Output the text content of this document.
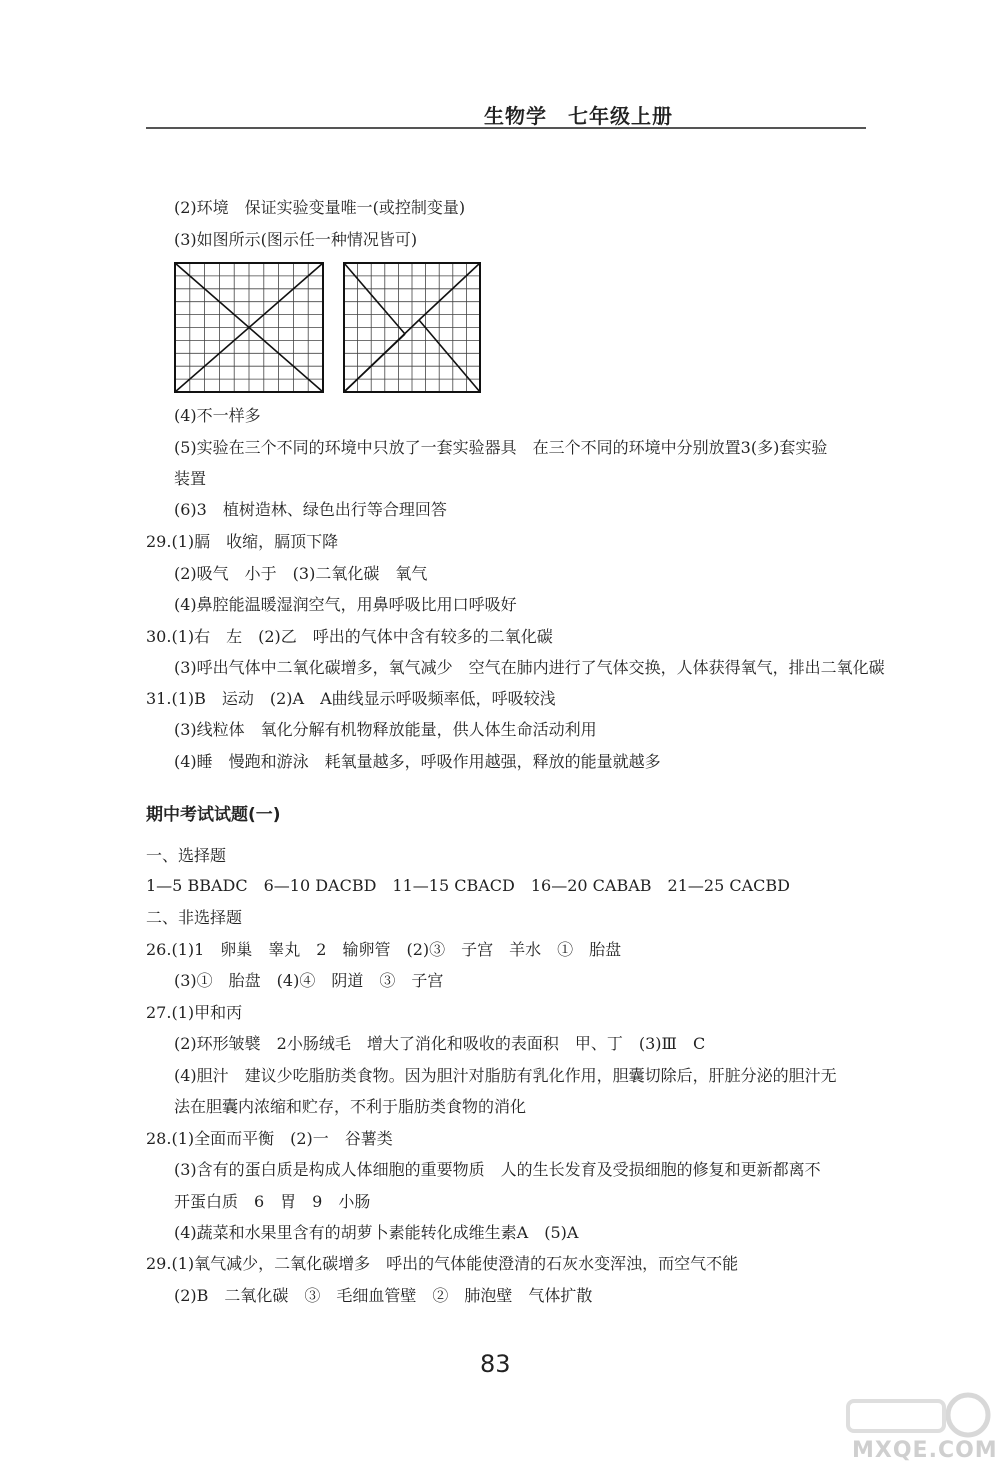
生物学　七年级上册
(2)环境　保证实验变量唯一(或控制变量)
(3)如图所示(图示任一种情况皆可)
(4)不一样多
(5)实验在三个不同的环境中只放了一套实验器具　在三个不同的环境中分别放置3(多)套实验
装置
(6)3　植树造林、绿色出行等合理回答
29.(1)膈　收缩，膈顶下降
(2)吸气　小于　(3)二氧化碳　氧气
(4)鼻腔能温暖湿润空气，用鼻呼吸比用口呼吸好
30.(1)右　左　(2)乙　呼出的气体中含有较多的二氧化碳
(3)呼出气体中二氧化碳增多，氧气减少　空气在肺内进行了气体交换，人体获得氧气，排出二氧化碳
31.(1)B　运动　(2)A　A曲线显示呼吸频率低，呼吸较浅
(3)线粒体　氧化分解有机物释放能量，供人体生命活动利用
(4)睡　慢跑和游泳　耗氧量越多，呼吸作用越强，释放的能量就越多
期中考试试题(一)
一、选择题
1—5 BBADC　6—10 DACBD　11—15 CBACD　16—20 CABAB　21—25 CACBD
二、非选择题
26.(1)1　卵巢　睾丸　2　输卵管　(2)③　子宫　羊水　①　胎盘
(3)①　胎盘　(4)④　阴道　③　子宫
27.(1)甲和丙
(2)环形皱襞　2小肠绒毛　增大了消化和吸收的表面积　甲、丁　(3)Ⅲ　C
(4)胆汁　建议少吃脂肪类食物。因为胆汁对脂肪有乳化作用，胆囊切除后，肝脏分泌的胆汁无
法在胆囊内浓缩和贮存，不利于脂肪类食物的消化
28.(1)全面而平衡　(2)一　谷薯类
(3)含有的蛋白质是构成人体细胞的重要物质　人的生长发育及受损细胞的修复和更新都离不
开蛋白质　6　胃　9　小肠
(4)蔬菜和水果里含有的胡萝卜素能转化成维生素A　(5)A
29.(1)氧气减少，二氧化碳增多　呼出的气体能使澄清的石灰水变浑浊，而空气不能
(2)B　二氧化碳　③　毛细血管壁　②　肺泡壁　气体扩散
83
MXQE.COM
